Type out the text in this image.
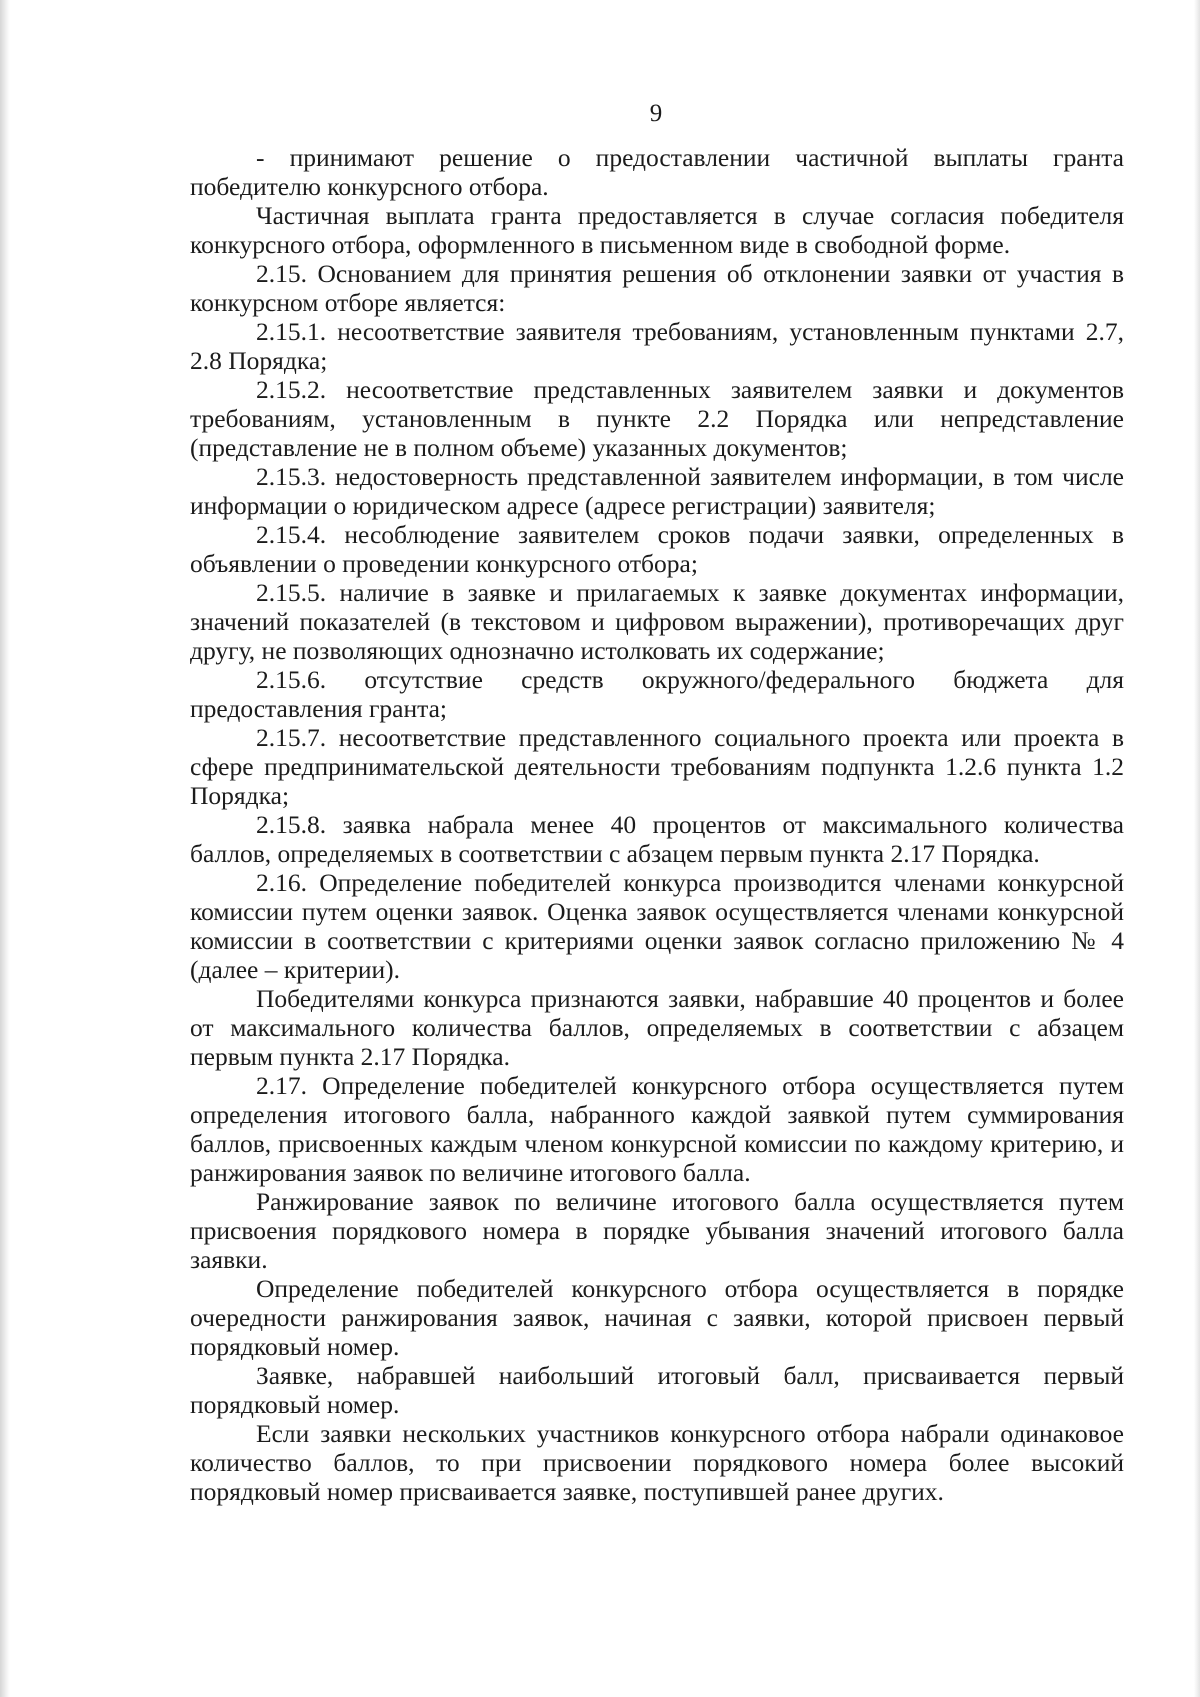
9

- принимают решение о предоставлении частичной выплаты гранта победителю конкурсного отбора.

Частичная выплата гранта предоставляется в случае согласия победителя конкурсного отбора, оформленного в письменном виде в свободной форме.

2.15. Основанием для принятия решения об отклонении заявки от участия в конкурсном отборе является:

2.15.1. несоответствие заявителя требованиям, установленным пунктами 2.7, 2.8 Порядка;

2.15.2. несоответствие представленных заявителем заявки и документов требованиям, установленным в пункте 2.2 Порядка или непредставление (представление не в полном объеме) указанных документов;

2.15.3. недостоверность представленной заявителем информации, в том числе информации о юридическом адресе (адресе регистрации) заявителя;

2.15.4. несоблюдение заявителем сроков подачи заявки, определенных в объявлении о проведении конкурсного отбора;

2.15.5. наличие в заявке и прилагаемых к заявке документах информации, значений показателей (в текстовом и цифровом выражении), противоречащих друг другу, не позволяющих однозначно истолковать их содержание;

2.15.6. отсутствие средств окружного/федерального бюджета для предоставления гранта;

2.15.7. несоответствие представленного социального проекта или проекта в сфере предпринимательской деятельности требованиям подпункта 1.2.6 пункта 1.2 Порядка;

2.15.8. заявка набрала менее 40 процентов от максимального количества баллов, определяемых в соответствии с абзацем первым пункта 2.17 Порядка.

2.16. Определение победителей конкурса производится членами конкурсной комиссии путем оценки заявок. Оценка заявок осуществляется членами конкурсной комиссии в соответствии с критериями оценки заявок согласно приложению № 4 (далее – критерии).

Победителями конкурса признаются заявки, набравшие 40 процентов и более от максимального количества баллов, определяемых в соответствии с абзацем первым пункта 2.17 Порядка.

2.17. Определение победителей конкурсного отбора осуществляется путем определения итогового балла, набранного каждой заявкой путем суммирования баллов, присвоенных каждым членом конкурсной комиссии по каждому критерию, и ранжирования заявок по величине итогового балла.

Ранжирование заявок по величине итогового балла осуществляется путем присвоения порядкового номера в порядке убывания значений итогового балла заявки.

Определение победителей конкурсного отбора осуществляется в порядке очередности ранжирования заявок, начиная с заявки, которой присвоен первый порядковый номер.

Заявке, набравшей наибольший итоговый балл, присваивается первый порядковый номер.

Если заявки нескольких участников конкурсного отбора набрали одинаковое количество баллов, то при присвоении порядкового номера более высокий порядковый номер присваивается заявке, поступившей ранее других.
